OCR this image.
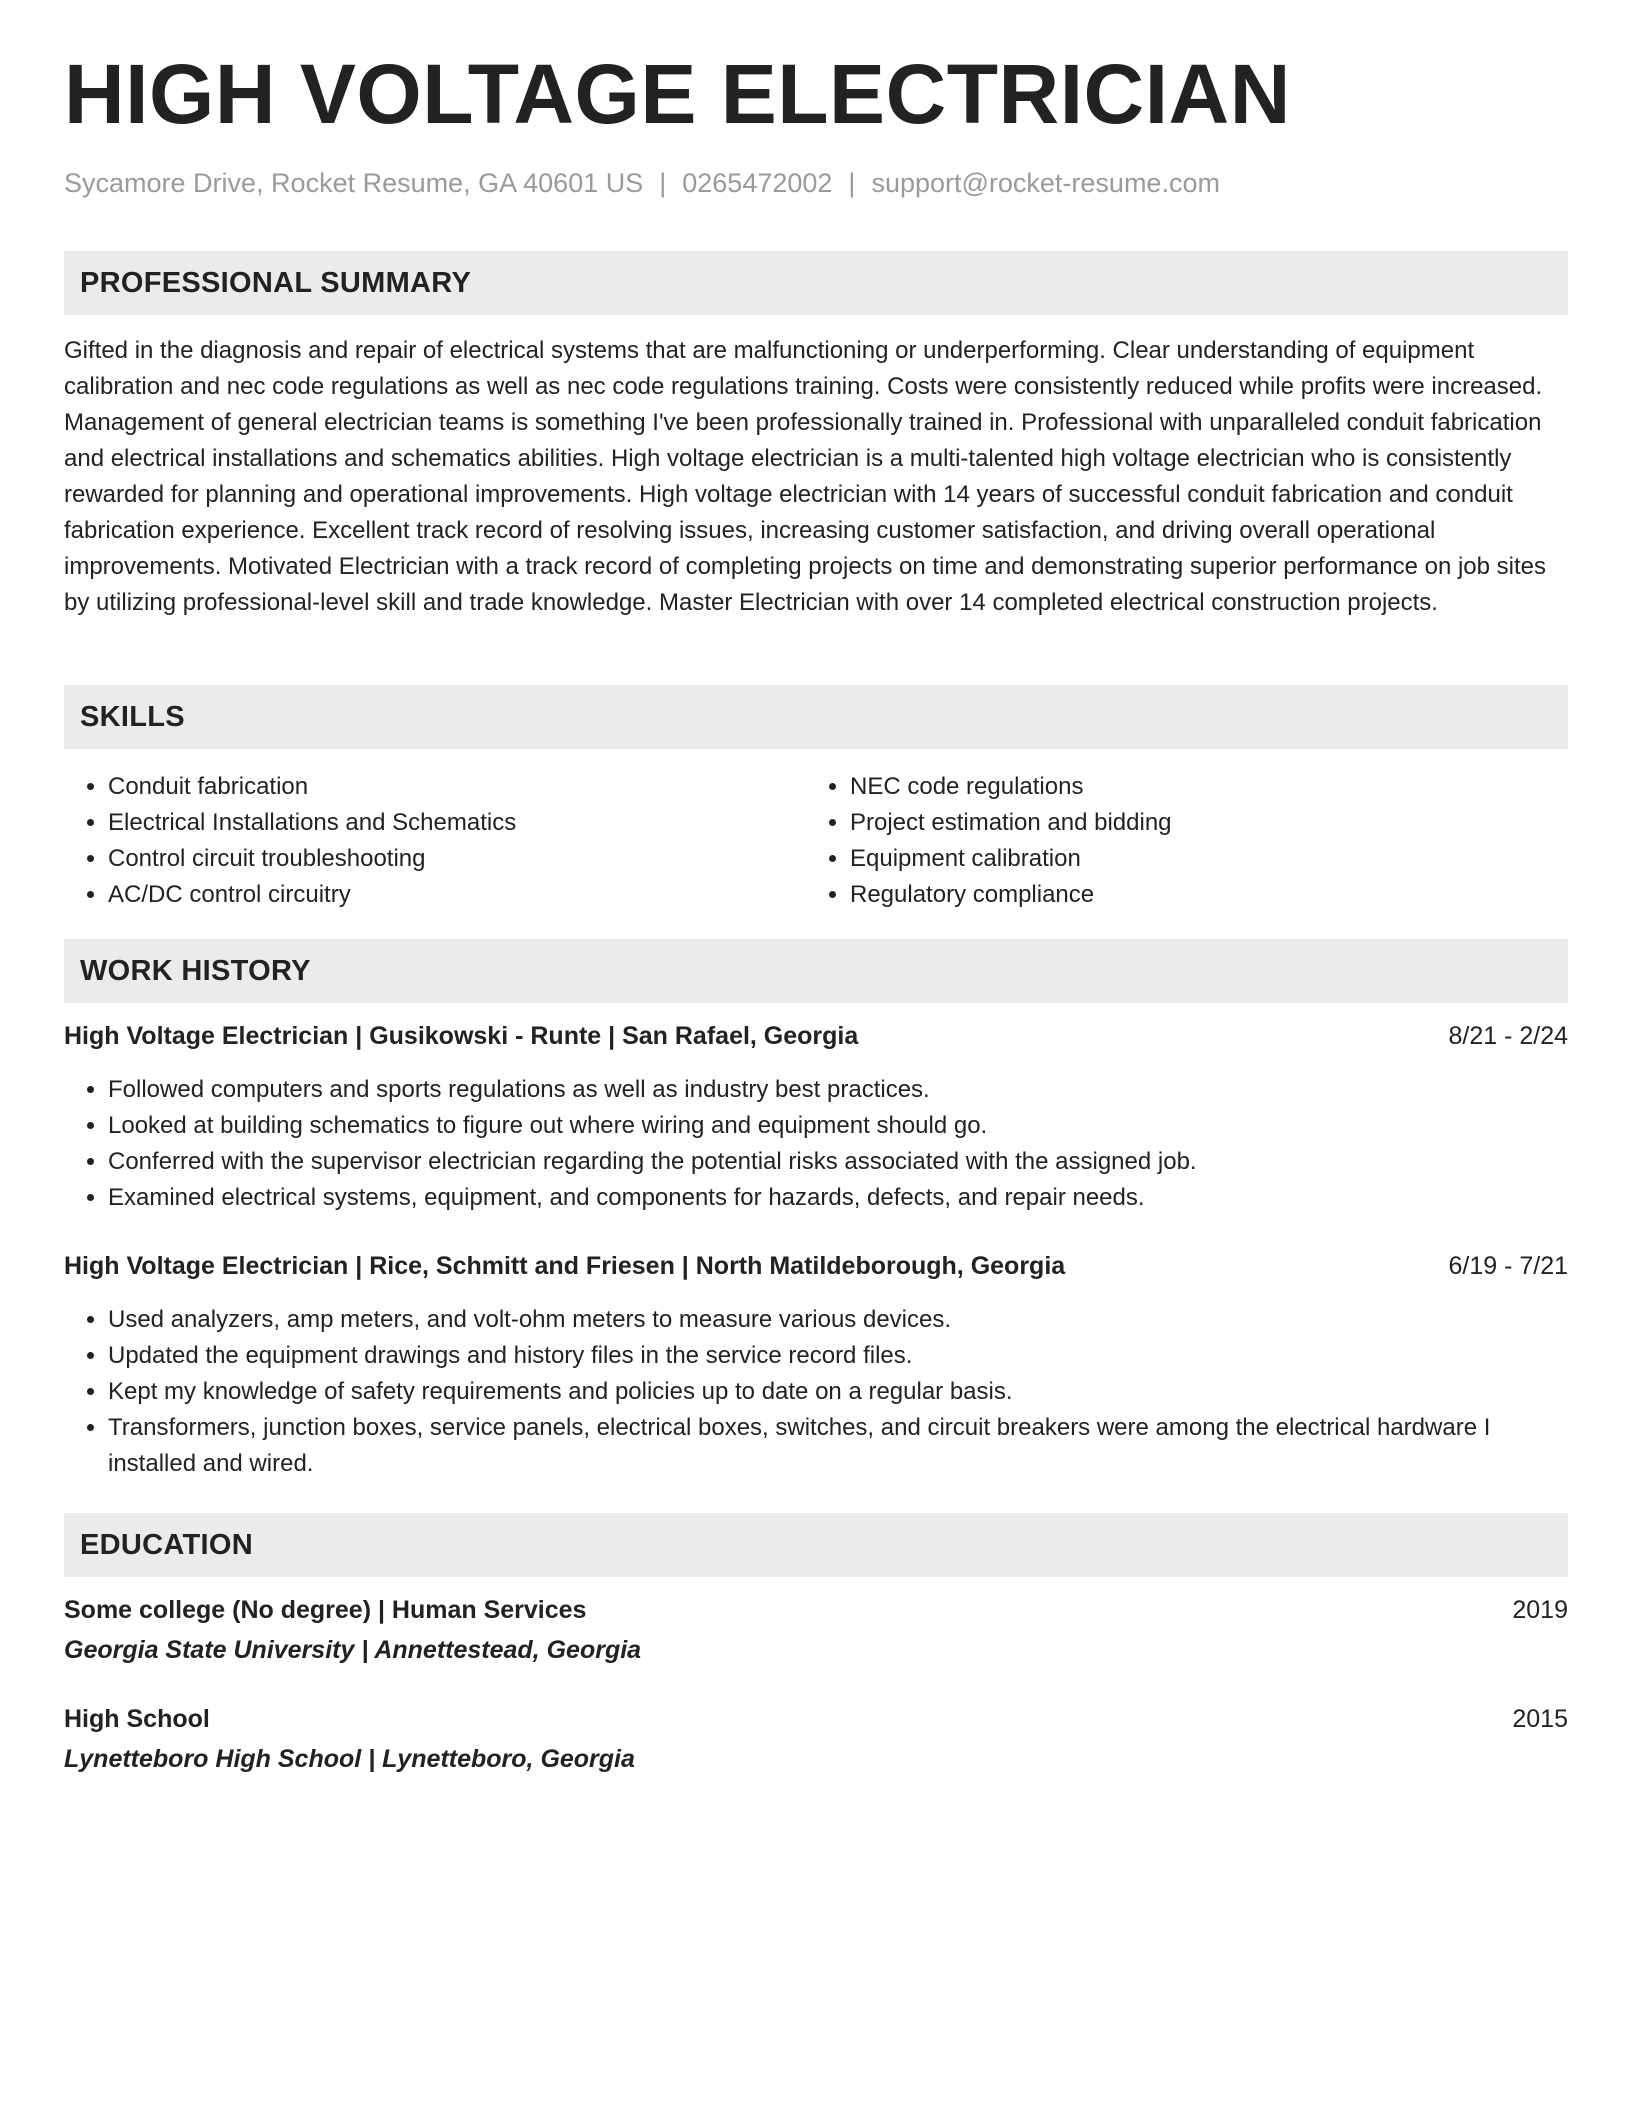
HIGH VOLTAGE ELECTRICIAN
Sycamore Drive, Rocket Resume, GA 40601 US | 0265472002 | support@rocket-resume.com
PROFESSIONAL SUMMARY

Gifted in the diagnosis and repair of electrical systems that are malfunctioning or underperforming. Clear understanding of equipment calibration and nec code regulations as well as nec code regulations training. Costs were consistently reduced while profits were increased. Management of general electrician teams is something I've been professionally trained in. Professional with unparalleled conduit fabrication and electrical installations and schematics abilities. High voltage electrician is a multi-talented high voltage electrician who is consistently rewarded for planning and operational improvements. High voltage electrician with 14 years of successful conduit fabrication and conduit fabrication experience. Excellent track record of resolving issues, increasing customer satisfaction, and driving overall operational improvements. Motivated Electrician with a track record of completing projects on time and demonstrating superior performance on job sites by utilizing professional-level skill and trade knowledge. Master Electrician with over 14 completed electrical construction projects.

SKILLS
• Conduit fabrication
• Electrical Installations and Schematics
• Control circuit troubleshooting
• AC/DC control circuitry
• NEC code regulations
• Project estimation and bidding
• Equipment calibration
• Regulatory compliance
WORK HISTORY
High Voltage Electrician | Gusikowski - Runte | San Rafael, Georgia	8/21 - 2/24
• Followed computers and sports regulations as well as industry best practices.
• Looked at building schematics to figure out where wiring and equipment should go.
• Conferred with the supervisor electrician regarding the potential risks associated with the assigned job.
• Examined electrical systems, equipment, and components for hazards, defects, and repair needs.
High Voltage Electrician | Rice, Schmitt and Friesen | North Matildeborough, Georgia	6/19 - 7/21
• Used analyzers, amp meters, and volt-ohm meters to measure various devices.
• Updated the equipment drawings and history files in the service record files.
• Kept my knowledge of safety requirements and policies up to date on a regular basis.
• Transformers, junction boxes, service panels, electrical boxes, switches, and circuit breakers were among the electrical hardware I installed and wired.
EDUCATION
Some college (No degree) | Human Services	2019
Georgia State University | Annettestead, Georgia
High School	2015
Lynetteboro High School | Lynetteboro, Georgia
